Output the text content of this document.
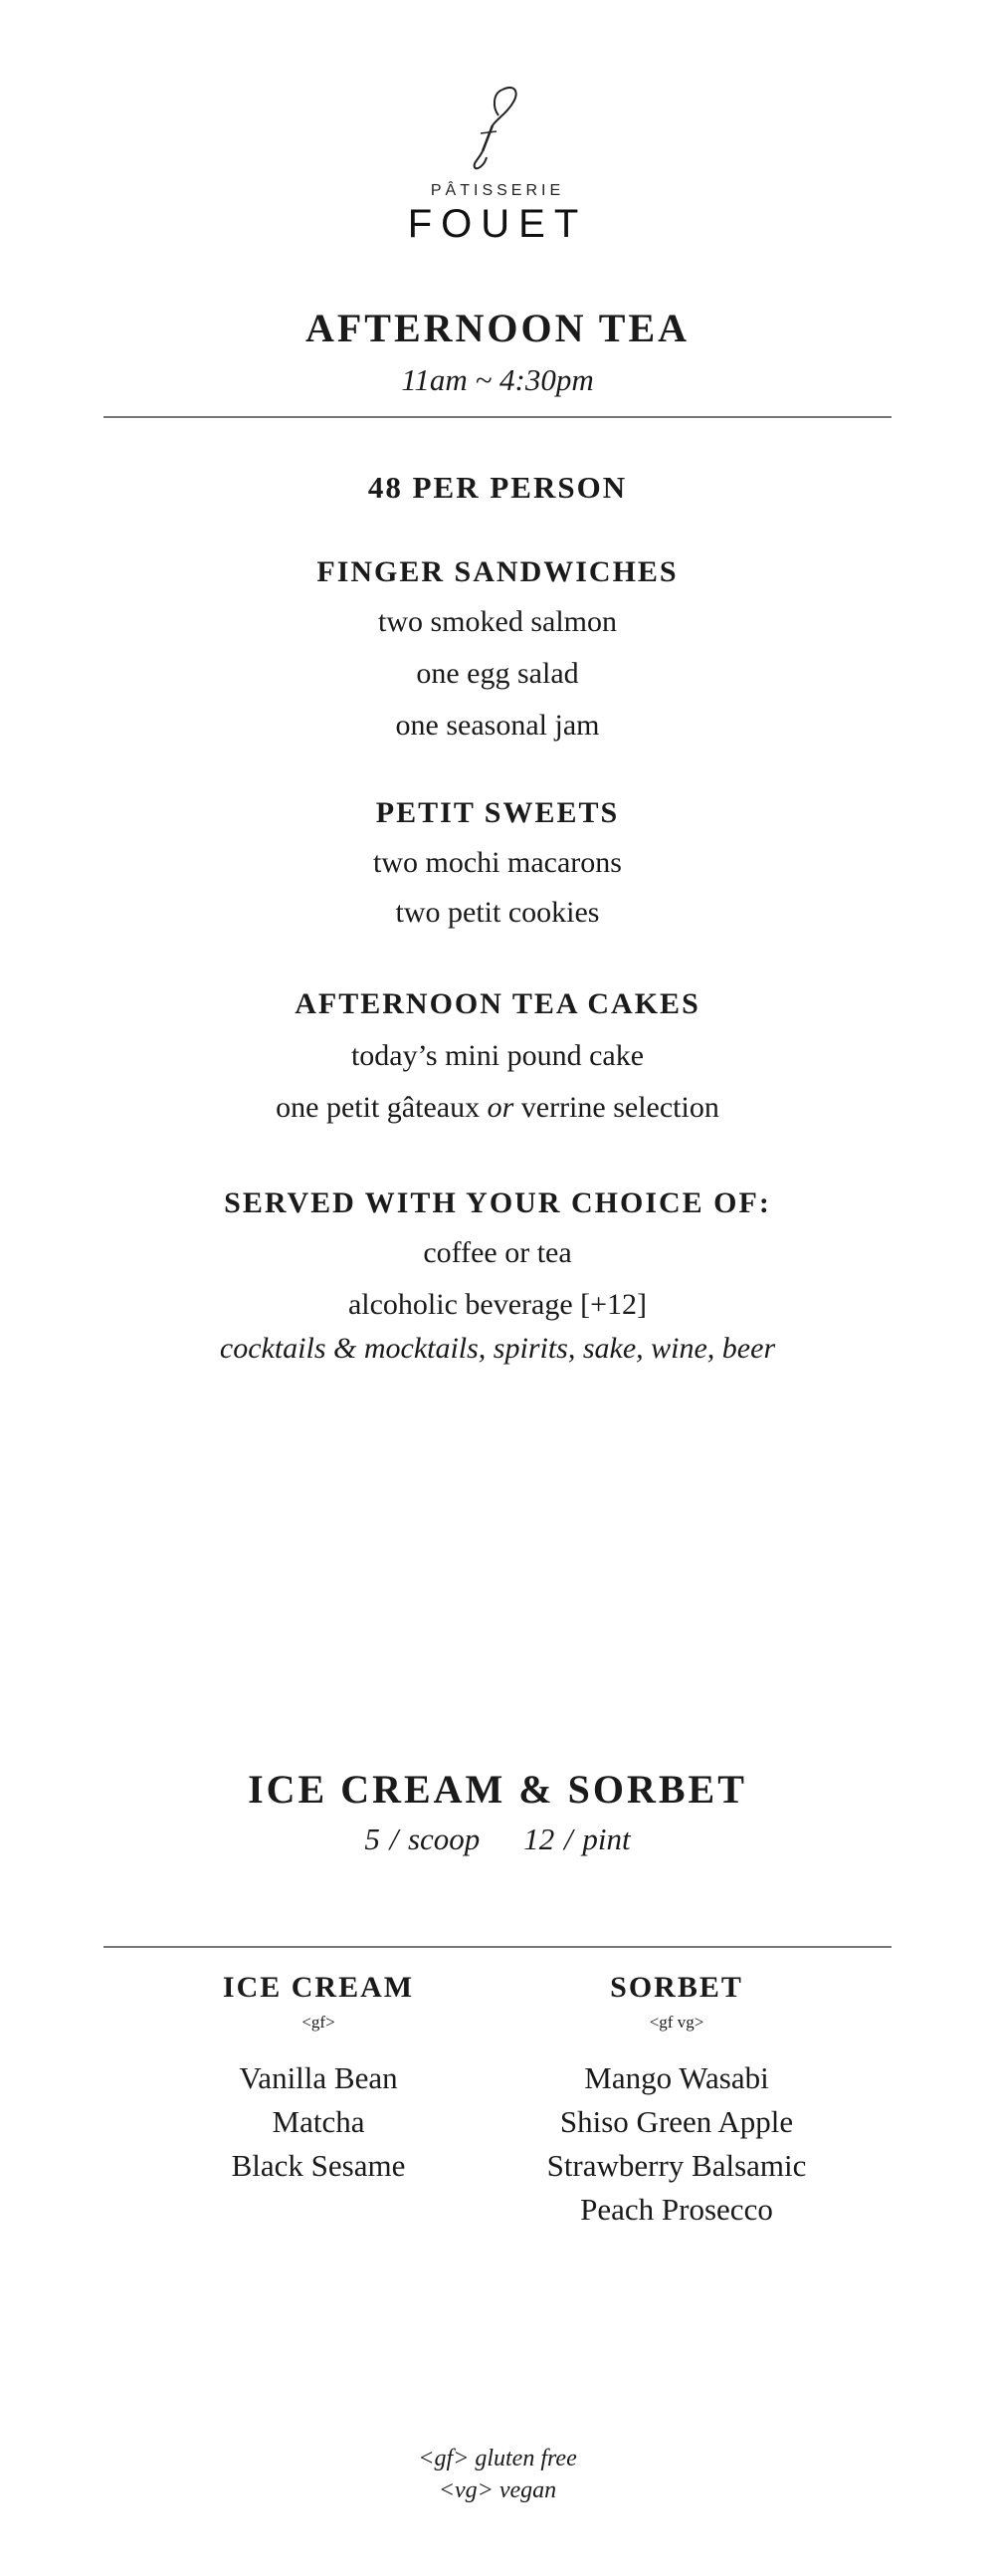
PÂTISSERIE
FOUET
AFTERNOON TEA
11am ~ 4:30pm
48 PER PERSON
FINGER SANDWICHES
two smoked salmon
one egg salad
one seasonal jam
PETIT SWEETS
two mochi macarons
two petit cookies
AFTERNOON TEA CAKES
today’s mini pound cake
one petit gâteaux or verrine selection
SERVED WITH YOUR CHOICE OF:
coffee or tea
alcoholic beverage [+12]
cocktails & mocktails, spirits, sake, wine, beer
ICE CREAM & SORBET
5 / scoop 12 / pint
ICE CREAM
<gf>
Vanilla Bean
Matcha
Black Sesame
SORBET
<gf vg>
Mango Wasabi
Shiso Green Apple
Strawberry Balsamic
Peach Prosecco
<gf> gluten free
<vg> vegan
